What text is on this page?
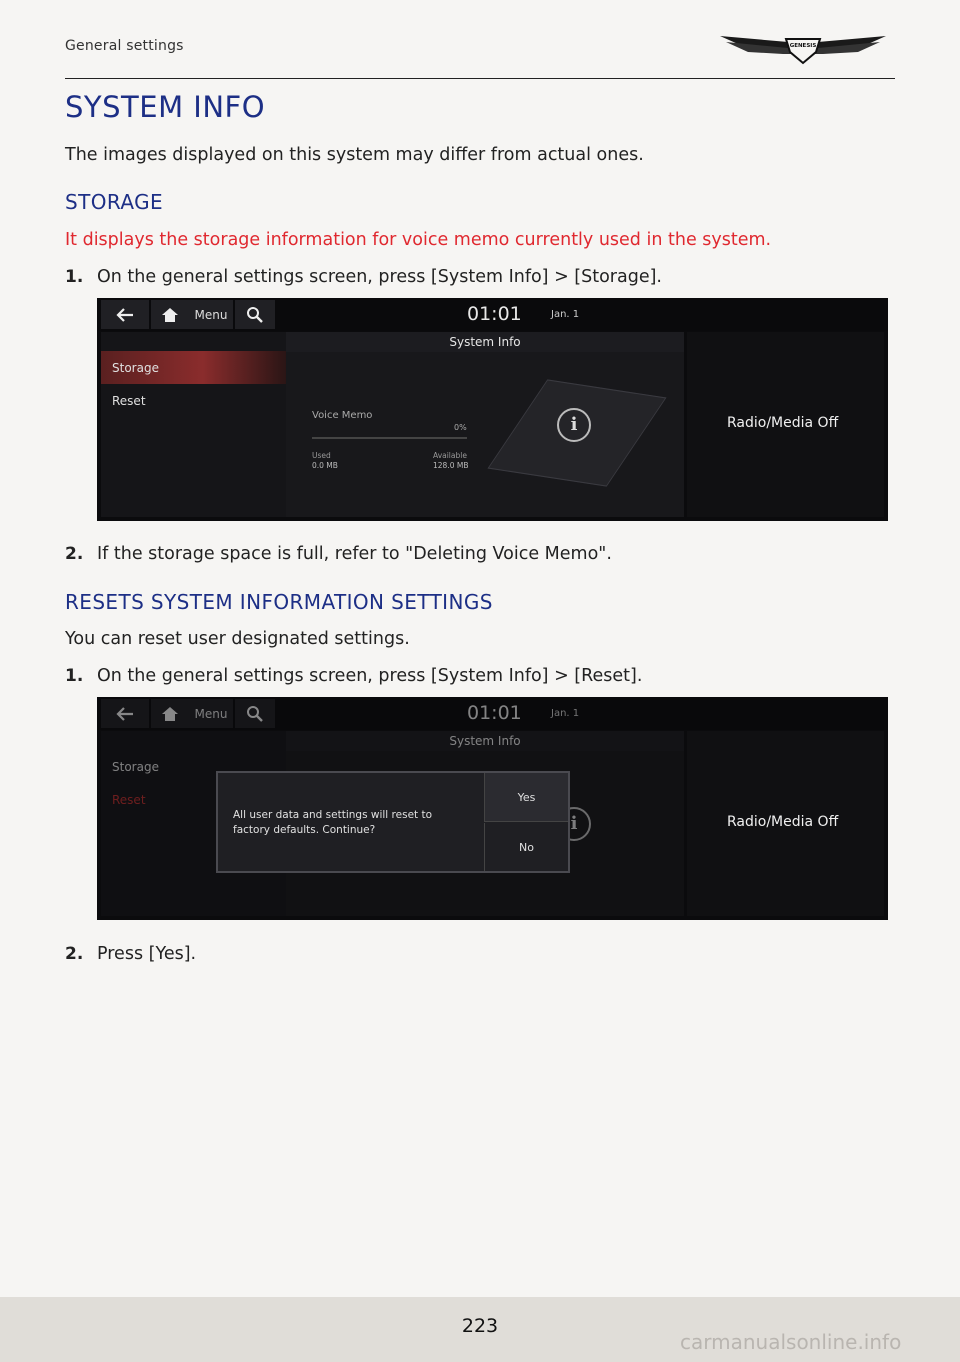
General settings	GENESIS
SYSTEM INFO
The images displayed on this system may differ from actual ones.
STORAGE
It displays the storage information for voice memo currently used in the system.
1. On the general settings screen, press [System Info] > [Storage].
Menu	01:01	Jan. 1
System Info
Storage
Reset
i
Voice Memo
0%
Used
0.0 MB
Available
128.0 MB
Radio/Media Off
2. If the storage space is full, refer to "Deleting Voice Memo".
RESETS SYSTEM INFORMATION SETTINGS
You can reset user designated settings.
1. On the general settings screen, press [System Info] > [Reset].
Menu	01:01	Jan. 1
System Info
Storage
Reset
i	Radio/Media Off
All user data and settings will reset to factory defaults. Continue?
Yes
No
2. Press [Yes].
223
carmanualsonline.info
